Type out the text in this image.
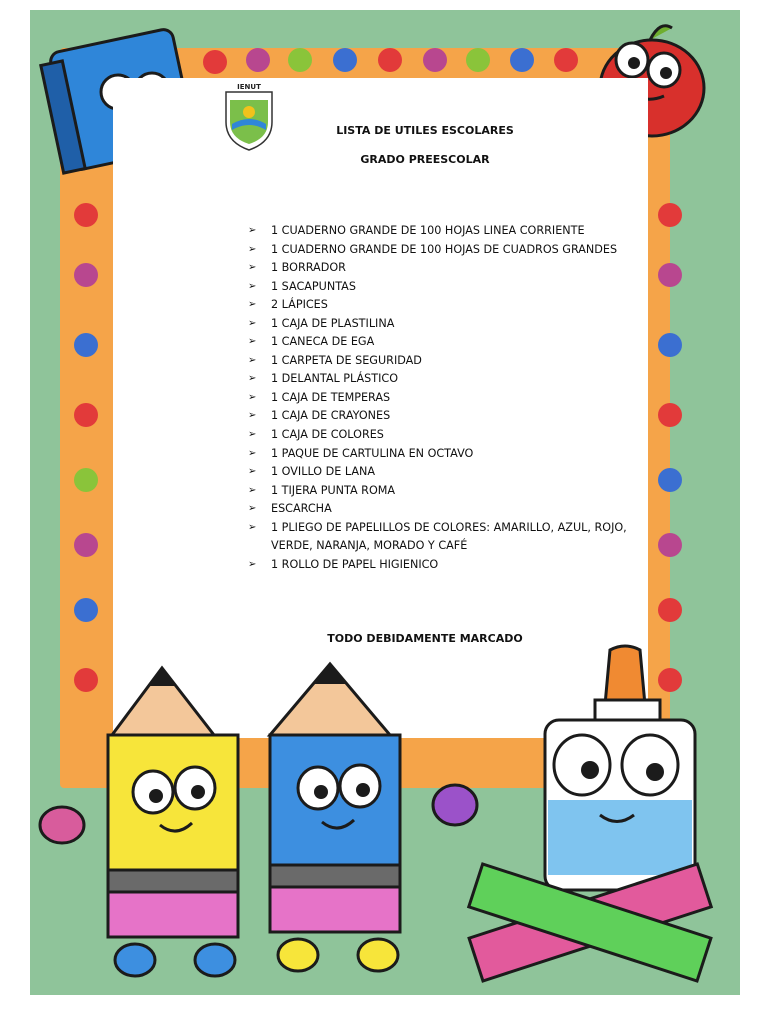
IENUT
LISTA DE UTILES ESCOLARES
GRADO PREESCOLAR
➢ 1 CUADERNO GRANDE DE 100 HOJAS LINEA CORRIENTE
➢ 1 CUADERNO GRANDE DE 100 HOJAS DE CUADROS GRANDES
➢ 1 BORRADOR
➢ 1 SACAPUNTAS
➢ 2 LÁPICES
➢ 1 CAJA DE PLASTILINA
➢ 1 CANECA DE EGA
➢ 1 CARPETA DE SEGURIDAD
➢ 1 DELANTAL PLÁSTICO
➢ 1 CAJA DE TEMPERAS
➢ 1 CAJA DE CRAYONES
➢ 1 CAJA DE COLORES
➢ 1 PAQUE DE CARTULINA EN OCTAVO
➢ 1 OVILLO DE LANA
➢ 1 TIJERA PUNTA ROMA
➢ ESCARCHA
➢ 1 PLIEGO DE PAPELILLOS DE COLORES: AMARILLO, AZUL, ROJO, VERDE, NARANJA, MORADO Y CAFÉ
➢ 1 ROLLO DE PAPEL HIGIENICO
TODO DEBIDAMENTE MARCADO
